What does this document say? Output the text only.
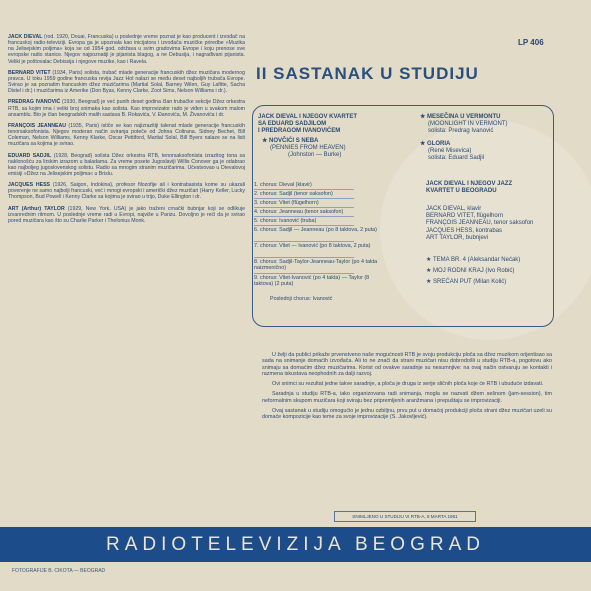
JACK DIEVAL (rod. 1920, Douai, Francuska) u poslednje vreme poznat je kao producent i izvođač na francuskoj radio-televiziji. Evropa ga je upoznala kao inicijatora i izvođača muzičke priredbe »Muzika na Jelisejskim poljima« koja se od 1954 god. održava u svim gradovima Evrope i koju prenose sve evropske radio stanice. Njegov najpoznatiji je pijanista blagog, a ne Debusija, i nagrađivani pijanista. Veliki je poštovalac Debissija i njegove muzike, kao i Ravela.

BERNARD VITET (1934, Paris) solista, trubač mlade generacije francuskih džez muzičara modernog pravca. U toku 1959 godine francuska revija Jazz Hot nalazi se među deset najboljih trubača Evrope. Svirao je sa poznatim francuskim džez muzičarima (Martial Solal, Barney Wilen, Guy Lafitte, Sacha Distel i dr.) i muzičarima iz Amerike (Don Byas, Kenny Clarke, Zoot Sims, Nelson Williams i dr.).

PREDRAG IVANOVIĆ (1930, Beograd) je već punih deset godina član trubačke sekcije Džez orkestra RTB, sa kojim ima i veliki broj snimaka kao solista. Kao improvizator rado je viđen u svakom malom ansamblu. Bio je član beogradskih malih sastava B. Rokavića, V. Đanovića, M. Živanovića i dr.

FRANÇOIS JEANNEAU (1935, Paris) ističe se kao najizrazitiji talenat mlade generacije francuskih tenorsaksofonista. Njegov moderan način sviranja poteče od Johna Coltrana. Sidney Bechet, Bill Coleman, Nelson Williams, Kenny Klarke, Oscar Pettiford, Martial Solal, Bill Byers nalaze se na listi muzičara sa kojima je svirao.

EDUARD SADJIL (1928, Beograd) solista Džez orkestra RTB, tenorsaksofonista izrazitog tona sa naklonošću za lirskim izrazom u baladama. Za vreme posete Jugoslaviji Willis Conover ga je odabrao kao najboljeg jugoslovenskog solistu. Radio sa mnogim stranim muzičarima. Učestvovao u Dievalovoj emisiji »Džez na Jelisejskim poljima« u Brislu.

JACQUES HESS (1926, Saigon, Indokina), profesor filozofije ali i kontrabasista kome su ukazali poverenje ne samo najbolji francuski, već i mnogi evropski i američki džez muzičari (Harry Keller, Lucky Thompson, Bud Powell i Kenny Clarke sa kojima je svirao u trijo, Duke Ellington i dr.

ART (Arthur) TAYLOR (1929, New York, USA) je jako traženi crnački bubnjar koji se odlikuje izvanrednim ritmom. U poslednje vreme radi u Evropi, najviše u Parizu. Dovoljno je reći da je svirao pored muzičara kao što su Charlie Parker i Thelonius Monk.

LP 406
II SASTANAK U STUDIJU
JACK DIEVAL I NJEGOV KVARTET
SA EDUARD SADJILOM
I PREDRAGOM IVANOVIĆEM
★ NOVČIĆI S NEBA
(PENNIES FROM HEAVEN)
(Johnston — Burke)
1. chorus: Dieval (klavir)
2. chorus: Sadjil (tenor saksofon)
3. chorus: Vitet (flügelhorn)
4. chorus: Jeanneau (tenor saksofon)
5. chorus: Ivanović (truba)
6. chorus: Sadjil — Jeanneau (po 8 taktova, 2 puta)
7. chorus: Vitet — Ivanović (po 8 taktova, 2 puta)
8. chorus: Sadjil-Taylor-Jeanneau-Taylor (po 4 takta naizmenično)
9. chorus: Vitet-Ivanović (po 4 takta) — Taylor (8 taktova) (2 puta)
Poslednji chorus: Ivanović
★ MESEČINA U VERMONTU
(MOONLIGHT IN VERMONT)
solista: Predrag Ivanović
★ GLORIA
(René Misevica)
solista: Eduard Sadjil
JACK DIEVAL I NJEGOV JAZZ
KVARTET U BEOGRADU
JACK DIEVAL, klavir
BERNARD VITET, flügelhorn
FRANÇOIS JEANNEAU, tenor saksofon
JACQUES HESS, kontrabas
ART TAYLOR, bubnjevi
★ TEMA BR. 4 (Aleksandar Nećak)
★ MOJ RODNI KRAJ (Ivo Robić)
★ SREĆAN PUT (Milan Kolić)

U želji da publici prikaže prvenstveno naše mogućnosti RTB je svoju produkciju ploča sa džez muzikom orijentisao sa sada na snimanje domaćih izvođača. Ali to ne znači da strani muzičari nisu dobrodošli u studiju RTB-a, pogotovu ako snimaju sa domaćim džez muzičarima. Korist od ovakve saradnje su nesumnjive: na ovaj način ostvaruju se kontakti i razmena iskustava neophodnih za dalji razvoj.

Ovi snimci su rezultat jedne takve saradnje, a ploča je druga iz serije sličnih ploča koje će RTB i ubuduće izdavati.

Saradnja u studiju RTB-a, iako organizovana radi snimanja, mogla se nazvati džem sešnom (jam-session), tim neformalnim skupom muzičara koji sviraju bez pripremljenih aranžmana i prepuštaju se improvizaciji.

Ovaj sastanak u studiju omogućio je jednu ozbiljnu, prvu put u domaćoj produkciji ploča strani džez muzičari uzeli su domaće kompozicije kao teme za svoje improvizacije (S. Jakovljević).

SNIMLJENO U STUDIJU VI RTB-A, 8 MARTA 1961
RADIOTELEVIZIJA BEOGRAD
FOTOGRAFIJE B. CIKOTA — BEOGRAD
